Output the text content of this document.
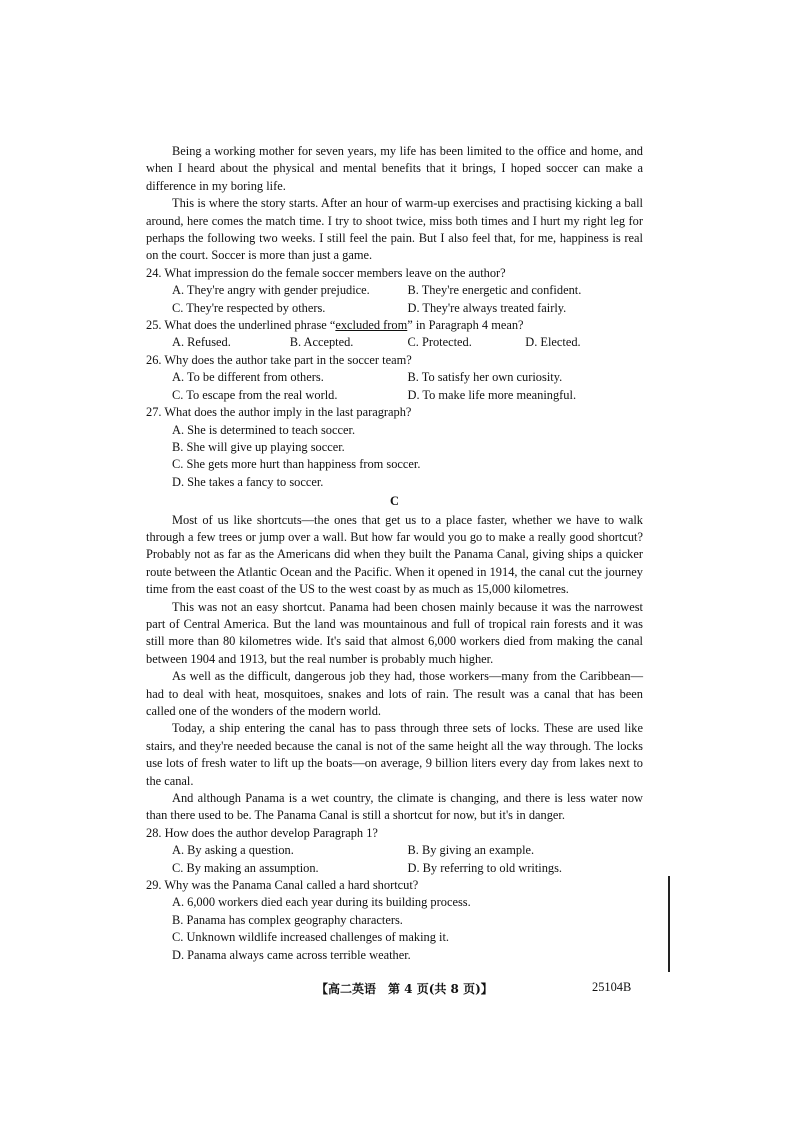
Being a working mother for seven years, my life has been limited to the office and home, and when I heard about the physical and mental benefits that it brings, I hoped soccer can make a difference in my boring life.

This is where the story starts. After an hour of warm-up exercises and practising kicking a ball around, here comes the match time. I try to shoot twice, miss both times and I hurt my right leg for perhaps the following two weeks. I still feel the pain. But I also feel that, for me, happiness is real on the court. Soccer is more than just a game.

24. What impression do the female soccer members leave on the author?

A. They're angry with gender prejudice.	B. They're energetic and confident.
C. They're respected by others.	D. They're always treated fairly.

25. What does the underlined phrase “excluded from” in Paragraph 4 mean?

A. Refused.	B. Accepted.	C. Protected.	D. Elected.

26. Why does the author take part in the soccer team?

A. To be different from others.	B. To satisfy her own curiosity.
C. To escape from the real world.	D. To make life more meaningful.

27. What does the author imply in the last paragraph?

A. She is determined to teach soccer.

B. She will give up playing soccer.

C. She gets more hurt than happiness from soccer.

D. She takes a fancy to soccer.

C

Most of us like shortcuts—the ones that get us to a place faster, whether we have to walk through a few trees or jump over a wall. But how far would you go to make a really good shortcut? Probably not as far as the Americans did when they built the Panama Canal, giving ships a quicker route between the Atlantic Ocean and the Pacific. When it opened in 1914, the canal cut the journey time from the east coast of the US to the west coast by as much as 15,000 kilometres.

This was not an easy shortcut. Panama had been chosen mainly because it was the narrowest part of Central America. But the land was mountainous and full of tropical rain forests and it was still more than 80 kilometres wide. It's said that almost 6,000 workers died from making the canal between 1904 and 1913, but the real number is probably much higher.

As well as the difficult, dangerous job they had, those workers—many from the Caribbean—had to deal with heat, mosquitoes, snakes and lots of rain. The result was a canal that has been called one of the wonders of the modern world.

Today, a ship entering the canal has to pass through three sets of locks. These are used like stairs, and they're needed because the canal is not of the same height all the way through. The locks use lots of fresh water to lift up the boats—on average, 9 billion liters every day from lakes next to the canal.

And although Panama is a wet country, the climate is changing, and there is less water now than there used to be. The Panama Canal is still a shortcut for now, but it's in danger.

28. How does the author develop Paragraph 1?

A. By asking a question.	B. By giving an example.
C. By making an assumption.	D. By referring to old writings.

29. Why was the Panama Canal called a hard shortcut?

A. 6,000 workers died each year during its building process.

B. Panama has complex geography characters.

C. Unknown wildlife increased challenges of making it.

D. Panama always came across terrible weather.

【高二英语　第 4 页(共 8 页)】	25104B
